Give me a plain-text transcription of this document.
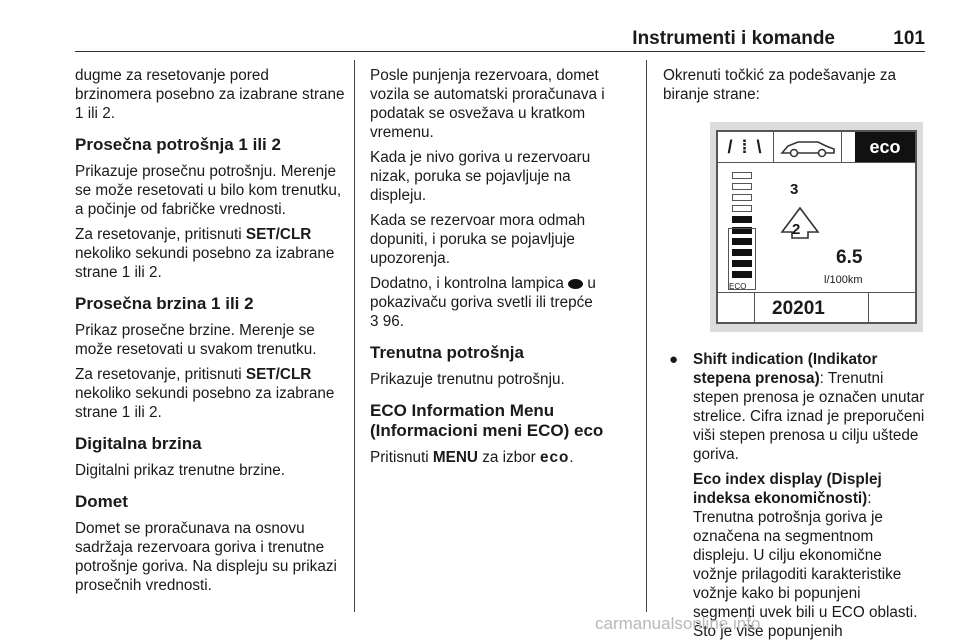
Instrumenti i komande	101

dugme za resetovanje pored brzinomera posebno za izabrane strane 1 ili 2.

Prosečna potrošnja 1 ili 2

Prikazuje prosečnu potrošnju. Merenje se može resetovati u bilo kom trenutku, a počinje od fabričke vrednosti.

Za resetovanje, pritisnuti SET/CLR nekoliko sekundi posebno za izabrane strane 1 ili 2.

Prosečna brzina 1 ili 2

Prikaz prosečne brzine. Merenje se može resetovati u svakom trenutku.

Za resetovanje, pritisnuti SET/CLR nekoliko sekundi posebno za izabrane strane 1 ili 2.

Digitalna brzina

Digitalni prikaz trenutne brzine.

Domet

Domet se proračunava na osnovu sadržaja rezervoara goriva i trenutne potrošnje goriva. Na displeju su prikazi prosečnih vrednosti.

Posle punjenja rezervoara, domet vozila se automatski proračunava i podatak se osvežava u kratkom vremenu.

Kada je nivo goriva u rezervoaru nizak, poruka se pojavljuje na displeju.

Kada se rezervoar mora odmah dopuniti, i poruka se pojavljuje upozorenja.

Dodatno, i kontrolna lampica  u pokazivaču goriva svetli ili trepće
3 96.

Trenutna potrošnja

Prikazuje trenutnu potrošnju.

ECO Information Menu (Informacioni meni ECO) eco

Pritisnuti MENU za izbor eco.

Okrenuti točkić za podešavanje za biranje strane:

/ ⁞ \	eco
ECO
3
2
6.5
l/100km
20201
● Shift indication (Indikator stepena prenosa): Trenutni stepen prenosa je označen unutar strelice. Cifra iznad je preporučeni viši stepen prenosa u cilju uštede goriva.
Eco index display (Displej indeksa ekonomičnosti): Trenutna potrošnja goriva je označena na segmentnom displeju. U cilju ekonomične vožnje prilagoditi karakteristike vožnje kako bi popunjeni segmenti uvek bili u ECO oblasti. Što je više popunjenih
carmanualsonline.info
